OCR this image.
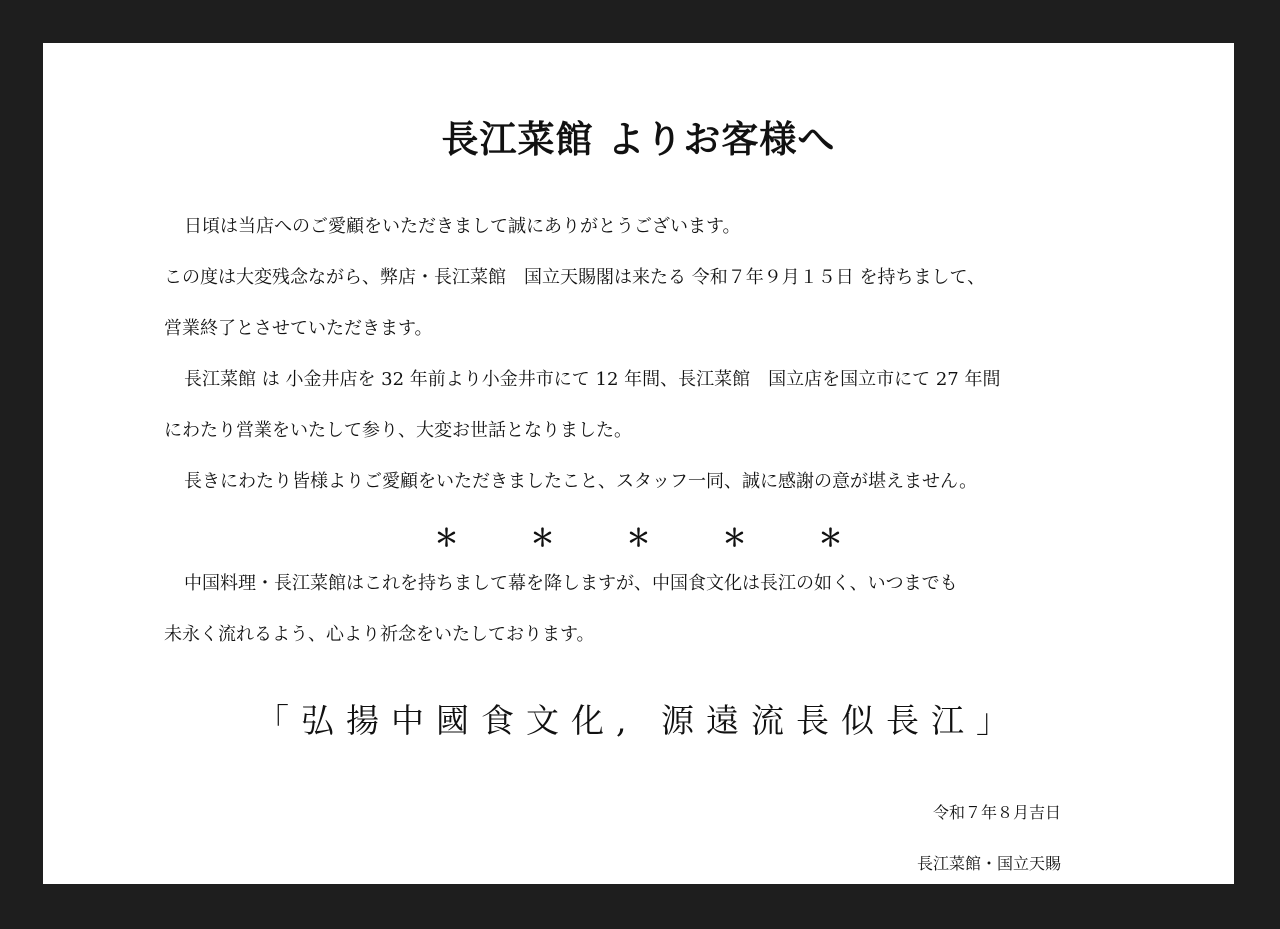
長江菜館 よりお客様へ
日頃は当店へのご愛顧をいただきまして誠にありがとうございます。
この度は大変残念ながら、弊店・長江菜館　国立天賜閣は来たる 令和７年９月１５日 を持ちまして、
営業終了とさせていただきます。
長江菜館 は 小金井店を 32 年前より小金井市にて 12 年間、長江菜館　国立店を国立市にて 27 年間
にわたり営業をいたして参り、大変お世話となりました。
長きにわたり皆様よりご愛顧をいただきましたこと、スタッフ一同、誠に感謝の意が堪えません。
＊　　　＊　　　＊　　　＊　　　＊
中国料理・長江菜館はこれを持ちまして幕を降しますが、中国食文化は長江の如く、いつまでも
未永く流れるよう、心より祈念をいたしております。
「弘揚中國食文化, 源遠流長似長江」
令和７年８月吉日
長江菜館・国立天賜
